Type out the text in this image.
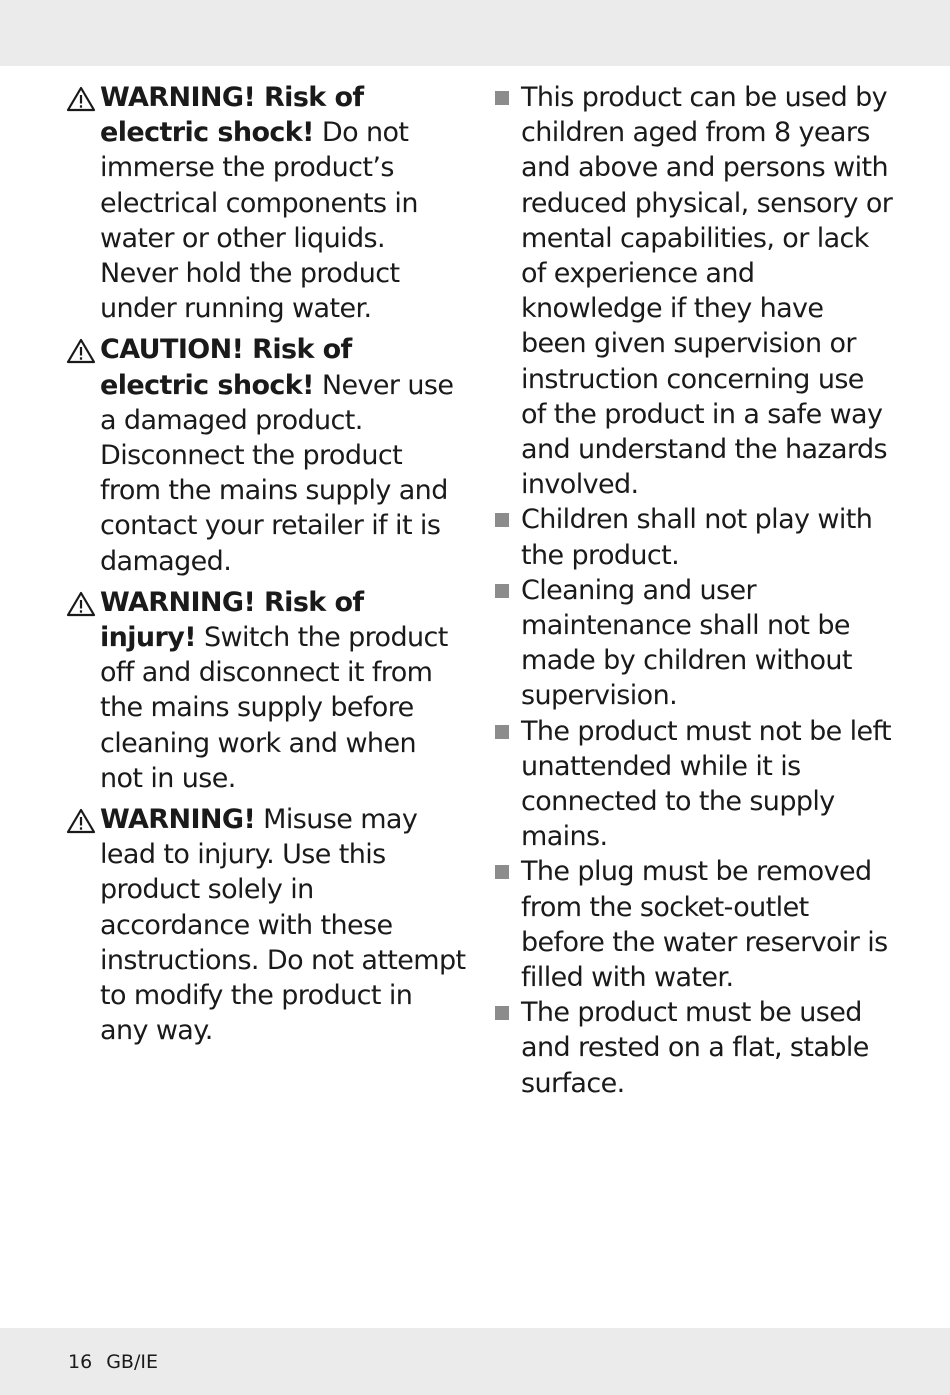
WARNING! Risk of electric shock! Do not immerse the product’s electrical components in water or other liquids. Never hold the product under running water.
CAUTION! Risk of electric shock! Never use a damaged product. Disconnect the product from the mains supply and contact your retailer if it is damaged.
WARNING! Risk of injury! Switch the product off and disconnect it from the mains supply before cleaning work and when not in use.
WARNING! Misuse may lead to injury. Use this product solely in accordance with these instructions. Do not attempt to modify the product in any way.
This product can be used by children aged from 8 years and above and persons with reduced physical, sensory or mental capabilities, or lack of experience and knowledge if they have been given supervision or instruction concerning use of the product in a safe way and understand the hazards involved.
Children shall not play with the product.
Cleaning and user maintenance shall not be made by children without supervision.
The product must not be left unattended while it is connected to the supply mains.
The plug must be removed from the socket-outlet before the water reservoir is filled with water.
The product must be used and rested on a flat, stable surface.
16 GB/IE
